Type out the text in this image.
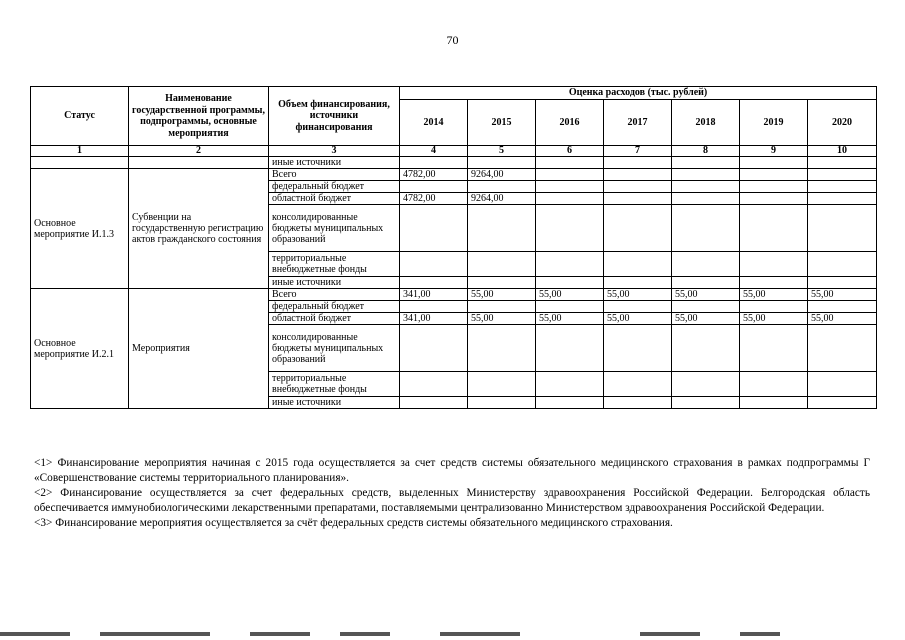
70
Статус	Наименование государственной программы, подпрограммы, основные мероприятия	Объем финансирования, источники финансирования	Оценка расходов (тыс. рублей)						
			2014	2015	2016	2017	2018	2019	2020
1	2	3	4	5	6	7	8	9	10
		иные источники							
Основное мероприятие И.1.3	Субвенции на государственную регистрацию актов гражданского состояния	Всего	4782,00	9264,00					
		федеральный бюджет							
		областной бюджет	4782,00	9264,00					
		консолидированные бюджеты муниципальных образований							
		территориальные внебюджетные фонды							
		иные источники							
Основное мероприятие И.2.1	Мероприятия	Всего	341,00	55,00	55,00	55,00	55,00	55,00	55,00
		федеральный бюджет							
		областной бюджет	341,00	55,00	55,00	55,00	55,00	55,00	55,00
		консолидированные бюджеты муниципальных образований							
		территориальные внебюджетные фонды							
		иные источники							

<1> Финансирование мероприятия начиная с 2015 года осуществляется за счет средств системы обязательного медицинского страхования в рамках подпрограммы Г «Совершенствование системы территориального планирования».

<2> Финансирование осуществляется за счет федеральных средств, выделенных Министерству здравоохранения Российской Федерации. Белгородская область обеспечивается иммунобиологическими лекарственными препаратами, поставляемыми централизованно Министерством здравоохранения Российской Федерации.

<3> Финансирование мероприятия осуществляется за счёт федеральных средств системы обязательного медицинского страхования.
